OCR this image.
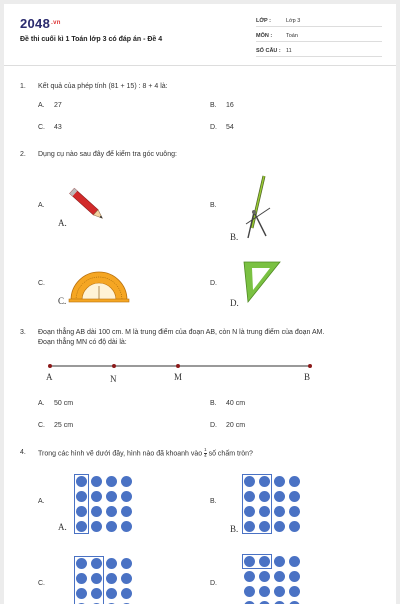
$2048^{.vn}$
Đề thi cuối kì 1 Toán lớp 3 có đáp án - Đề 4
LỚP :	Lớp 3
MÔN :	Toán
SỐ CÂU : 11
1. Kết quả của phép tính (81 + 15) : 8 + 4 là:
A. 27	B. 16
C. 43	D. 54
2. Dụng cụ nào sau đây để kiểm tra góc vuông:
A.
A.
B.
B.
C.
C.
D.
D.
3. Đoạn thẳng AB dài 100 cm. M là trung điểm của đoạn AB, còn N là trung điểm của đoạn AM.
Đoạn thẳng MN có độ dài là:
A	N	M	B
A. 50 cm	B. 40 cm
C. 25 cm	D. 20 cm
4. Trong các hình vẽ dưới đây, hình nào đã khoanh vào $\frac{1}{4}$ số chấm tròn?
A.
A.
B.
B.
C.	D.
